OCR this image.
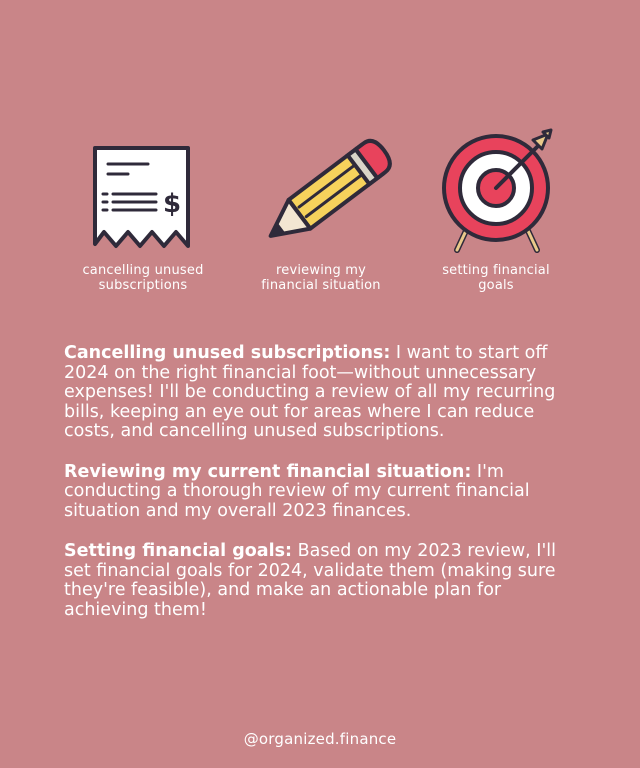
$
cancelling unused
subscriptions
reviewing my
financial situation
setting financial
goals

Cancelling unused subscriptions: I want to start off 2024 on the right financial foot—without unnecessary expenses! I'll be conducting a review of all my recurring bills, keeping an eye out for areas where I can reduce costs, and cancelling unused subscriptions.

Reviewing my current financial situation: I'm conducting a thorough review of my current financial situation and my overall 2023 finances.

Setting financial goals: Based on my 2023 review, I'll set financial goals for 2024, validate them (making sure they're feasible), and make an actionable plan for achieving them!

@organized.finance
